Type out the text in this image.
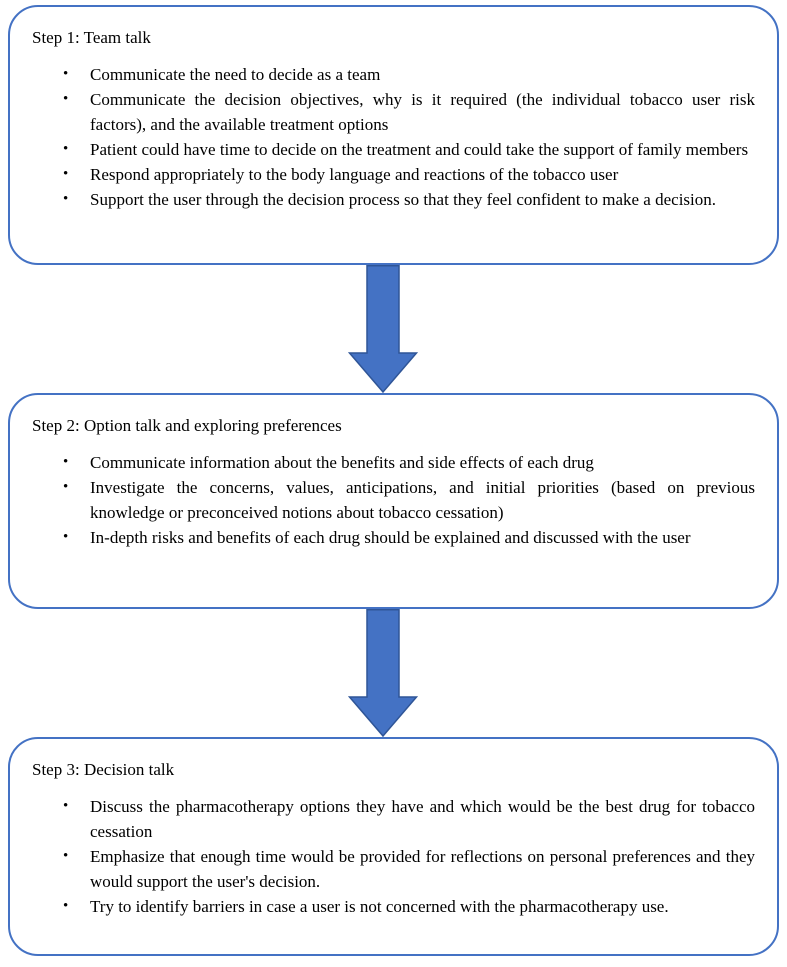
Step 1: Team talk
•	Communicate the need to decide as a team
•	Communicate the decision objectives, why is it required (the individual tobacco user risk factors), and the available treatment options
•	Patient could have time to decide on the treatment and could take the support of family members
•	Respond appropriately to the body language and reactions of the tobacco user
•	Support the user through the decision process so that they feel confident to make a decision.
Step 2: Option talk and exploring preferences
•	Communicate information about the benefits and side effects of each drug
•	Investigate the concerns, values, anticipations, and initial priorities (based on previous knowledge or preconceived notions about tobacco cessation)
•	In-depth risks and benefits of each drug should be explained and discussed with the user
Step 3: Decision talk
•	Discuss the pharmacotherapy options they have and which would be the best drug for tobacco cessation
•	Emphasize that enough time would be provided for reflections on personal preferences and they would support the user's decision.
•	Try to identify barriers in case a user is not concerned with the pharmacotherapy use.
